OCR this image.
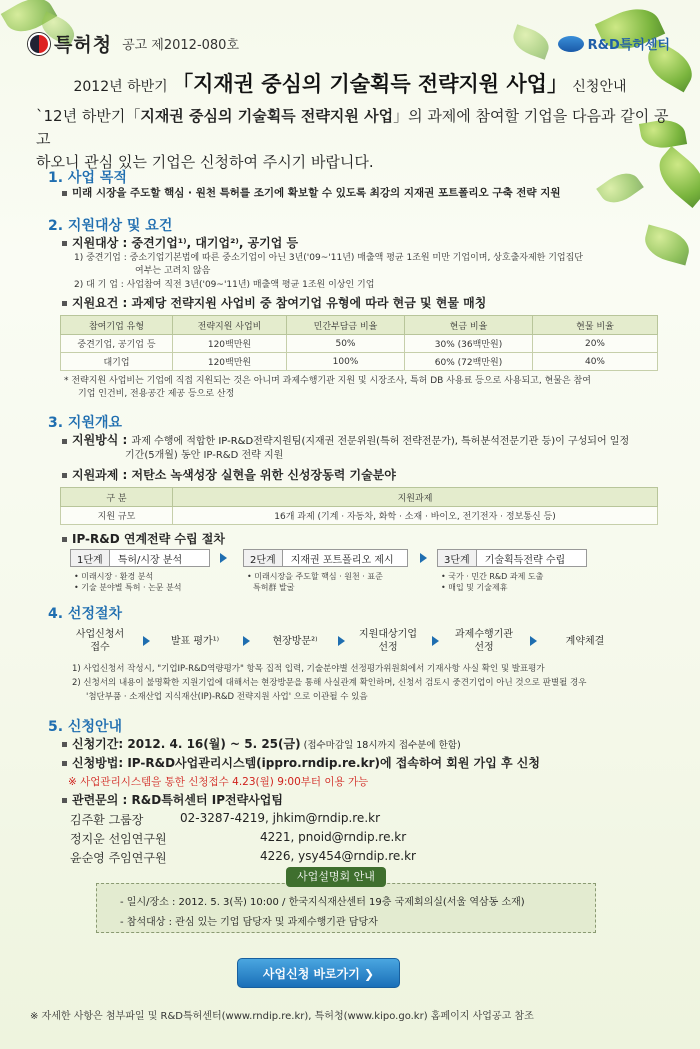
특허청 공고 제2012-080호	R&D특허센터
2012년 하반기 「지재권 중심의 기술획득 전략지원 사업」 신청안내
`12년 하반기「지재권 중심의 기술획득 전략지원 사업」의 과제에 참여할 기업을 다음과 같이 공고
하오니 관심 있는 기업은 신청하여 주시기 바랍니다.
1. 사업 목적
미래 시장을 주도할 핵심 · 원천 특허를 조기에 확보할 수 있도록 최강의 지재권 포트폴리오 구축 전략 지원
2. 지원대상 및 요건
지원대상 : 중견기업¹⁾, 대기업²⁾, 공기업 등
1) 중견기업 : 중소기업기본법에 따른 중소기업이 아닌 3년('09~'11년) 매출액 평균 1조원 미만 기업이며, 상호출자제한 기업집단
여부는 고려치 않음
2) 대 기 업 : 사업참여 직전 3년('09~'11년) 매출액 평균 1조원 이상인 기업
지원요건 : 과제당 전략지원 사업비 중 참여기업 유형에 따라 현금 및 현물 매칭
참여기업 유형	전략지원 사업비	민간부담금 비율	현금 비율	현물 비율
중견기업, 공기업 등	120백만원	50%	30% (36백만원)	20%
대기업	120백만원	100%	60% (72백만원)	40%
* 전략지원 사업비는 기업에 직접 지원되는 것은 아니며 과제수행기관 지원 및 시장조사, 특허 DB 사용료 등으로 사용되고, 현물은 참여
기업 인건비, 전용공간 제공 등으로 산정
3. 지원개요
지원방식 : 과제 수행에 적합한 IP-R&D전략지원팀(지재권 전문위원(특허 전략전문가), 특허분석전문기관 등)이 구성되어 일정
기간(5개월) 동안 IP-R&D 전략 지원
지원과제 : 저탄소 녹색성장 실현을 위한 신성장동력 기술분야
구 분	지원과제
지원 규모	16개 과제 (기계 · 자동차, 화학 · 소재 · 바이오, 전기전자 · 정보통신 등)
IP-R&D 연계전략 수립 절차
1단계	특허/시장 분석
• 미래시장 · 환경 분석
• 기술 분야별 특허 · 논문 분석
2단계	지재권 포트폴리오 제시
• 미래시장을 주도할 핵심 · 원천 · 표준
특허群 발굴
3단계	기술획득전략 수립
• 국가 · 민간 R&D 과제 도출
• 매입 및 기술제휴
4. 선정절차
사업신청서
접수
발표 평가¹⁾	현장방문²⁾
지원대상기업
선정
과제수행기관
선정
계약체결
1) 사업신청서 작성시, "기업IP-R&D역량평가" 항목 집적 입력, 기술분야별 선정평가위원회에서 기재사항 사실 확인 및 발표평가
2) 신청서의 내용이 불명확한 지원기업에 대해서는 현장방문을 통해 사실관계 확인하며, 신청서 검토시 중견기업이 아닌 것으로 판별될 경우
'첨단부품 · 소재산업 지식재산(IP)-R&D 전략지원 사업' 으로 이관될 수 있음
5. 신청안내
신청기간: 2012. 4. 16(월) ~ 5. 25(금) (접수마감일 18시까지 접수분에 한함)
신청방법: IP-R&D사업관리시스템(ippro.rndip.re.kr)에 접속하여 회원 가입 후 신청
※ 사업관리시스템을 통한 신청접수 4.23(월) 9:00부터 이용 가능
관련문의 : R&D특허센터 IP전략사업팀
김주환 그룹장	02-3287-4219, jhkim@rndip.re.kr
정지운 선임연구원	4221, pnoid@rndip.re.kr
윤순영 주임연구원	4226, ysy454@rndip.re.kr
사업설명회 안내
- 일시/장소 : 2012. 5. 3(목) 10:00 / 한국지식재산센터 19층 국제회의실(서울 역삼동 소재)
- 참석대상 : 관심 있는 기업 담당자 및 과제수행기관 담당자
사업신청 바로가기 ❯
※ 자세한 사항은 첨부파일 및 R&D특허센터(www.rndip.re.kr), 특허청(www.kipo.go.kr) 홈페이지 사업공고 참조
